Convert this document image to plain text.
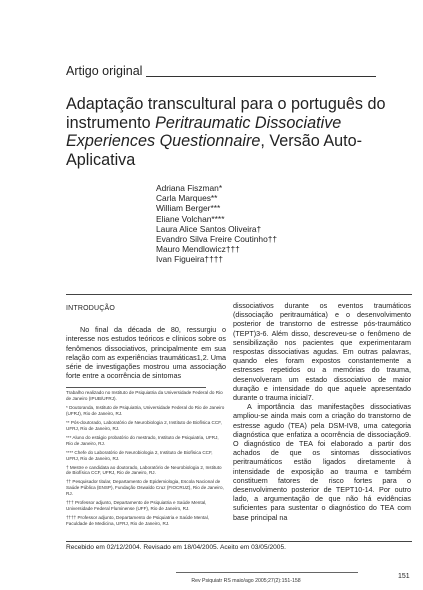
Artigo original
Adaptação transcultural para o português do instrumento Peritraumatic Dissociative Experiences Questionnaire, Versão Auto-Aplicativa
Adriana Fiszman*
Carla Marques**
William Berger***
Eliane Volchan****
Laura Alice Santos Oliveira†
Evandro Silva Freire Coutinho††
Mauro Mendlowicz†††
Ivan Figueira††††
INTRODUÇÃO

No final da década de 80, ressurgiu o interesse nos estudos teóricos e clínicos sobre os fenômenos dissociativos, principalmente em sua relação com as experiências traumáticas1,2. Uma série de investigações mostrou uma associação forte entre a ocorrência de sintomas

Trabalho realizado no Instituto de Psiquiatria da Universidade Federal do Rio de Janeiro (IPUB/UFRJ).
* Doutoranda, Instituto de Psiquiatria, Universidade Federal do Rio de Janeiro (UFRJ), Rio de Janeiro, RJ.
** Pós-doutorado, Laboratório de Neurobiologia 2, Instituto de Biofísica CCF, UFRJ, Rio de Janeiro, RJ.
*** Aluno do estágio probatório do mestrado, Instituto de Psiquiatria, UFRJ, Rio de Janeiro, RJ.
**** Chefe do Laboratório de Neurobiologia 2, Instituto de Biofísica CCF, UFRJ, Rio de Janeiro, RJ.
† Mestre e candidata ao doutorado, Laboratório de Neurobiologia 2, Instituto de Biofísica CCF, UFRJ, Rio de Janeiro, RJ.
†† Pesquisador titular, Departamento de Epidemiologia, Escola Nacional de Saúde Pública (ENSP), Fundação Oswaldo Cruz (FIOCRUZ), Rio de Janeiro, RJ.
††† Professor adjunto, Departamento de Psiquiatria e Saúde Mental, Universidade Federal Fluminense (UFF), Rio de Janeiro, RJ.
†††† Professor adjunto, Departamento de Psiquiatria e Saúde Mental, Faculdade de Medicina, UFRJ, Rio de Janeiro, RJ.

dissociativos durante os eventos traumáticos (dissociação peritraumática) e o desenvolvimento posterior de transtorno de estresse pós-traumático (TEPT)3-6. Além disso, descreveu-se o fenômeno de sensibilização nos pacientes que experimentaram respostas dissociativas agudas. Em outras palavras, quando eles foram expostos constantemente a estresses repetidos ou a memórias do trauma, desenvolveram um estado dissociativo de maior duração e intensidade do que aquele apresentado durante o trauma inicial7.

A importância das manifestações dissociativas ampliou-se ainda mais com a criação do transtorno de estresse agudo (TEA) pela DSM-IV8, uma categoria diagnóstica que enfatiza a ocorrência de dissociação9. O diagnóstico de TEA foi elaborado a partir dos achados de que os sintomas dissociativos peritraumáticos estão ligados diretamente à intensidade de exposição ao trauma e também constituem fatores de risco fortes para o desenvolvimento posterior de TEPT10-14. Por outro lado, a argumentação de que não há evidências suficientes para sustentar o diagnóstico do TEA com base principal na

Recebido em 02/12/2004. Revisado em 18/04/2005. Aceito em 03/05/2005.
151
Rev Psiquiatr RS maio/ago 2005;27(2):151-158
